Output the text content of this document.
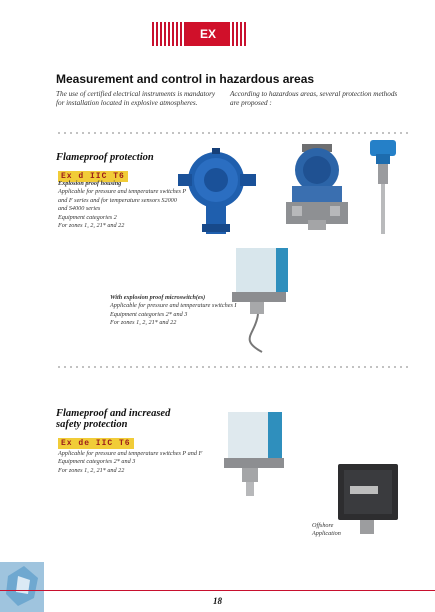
EX
Measurement and control in hazardous areas
The use of certified electrical instruments is mandatory for installation located in explosive atmospheres.
According to hazardous areas, several protection methods are proposed :
Flameproof protection
Ex d IIC T6
Explosion proof housing
Applicable for pressure and temperature switches P
and F series and for temperature sensors S2000
and S4000 series
Equipment categories 2
For zones 1, 2, 21* and 22
With explosion proof microswitch(es)
Applicable for pressure and temperature switches I
Equipment categories 2* and 3
For zones 1, 2, 21* and 22
Flameproof and increased
safety protection
Ex de IIC T6
Applicable for pressure and temperature switches P and F
Equipment categories 2* and 3
For zones 1, 2, 21* and 22
Offshore
Application
18
